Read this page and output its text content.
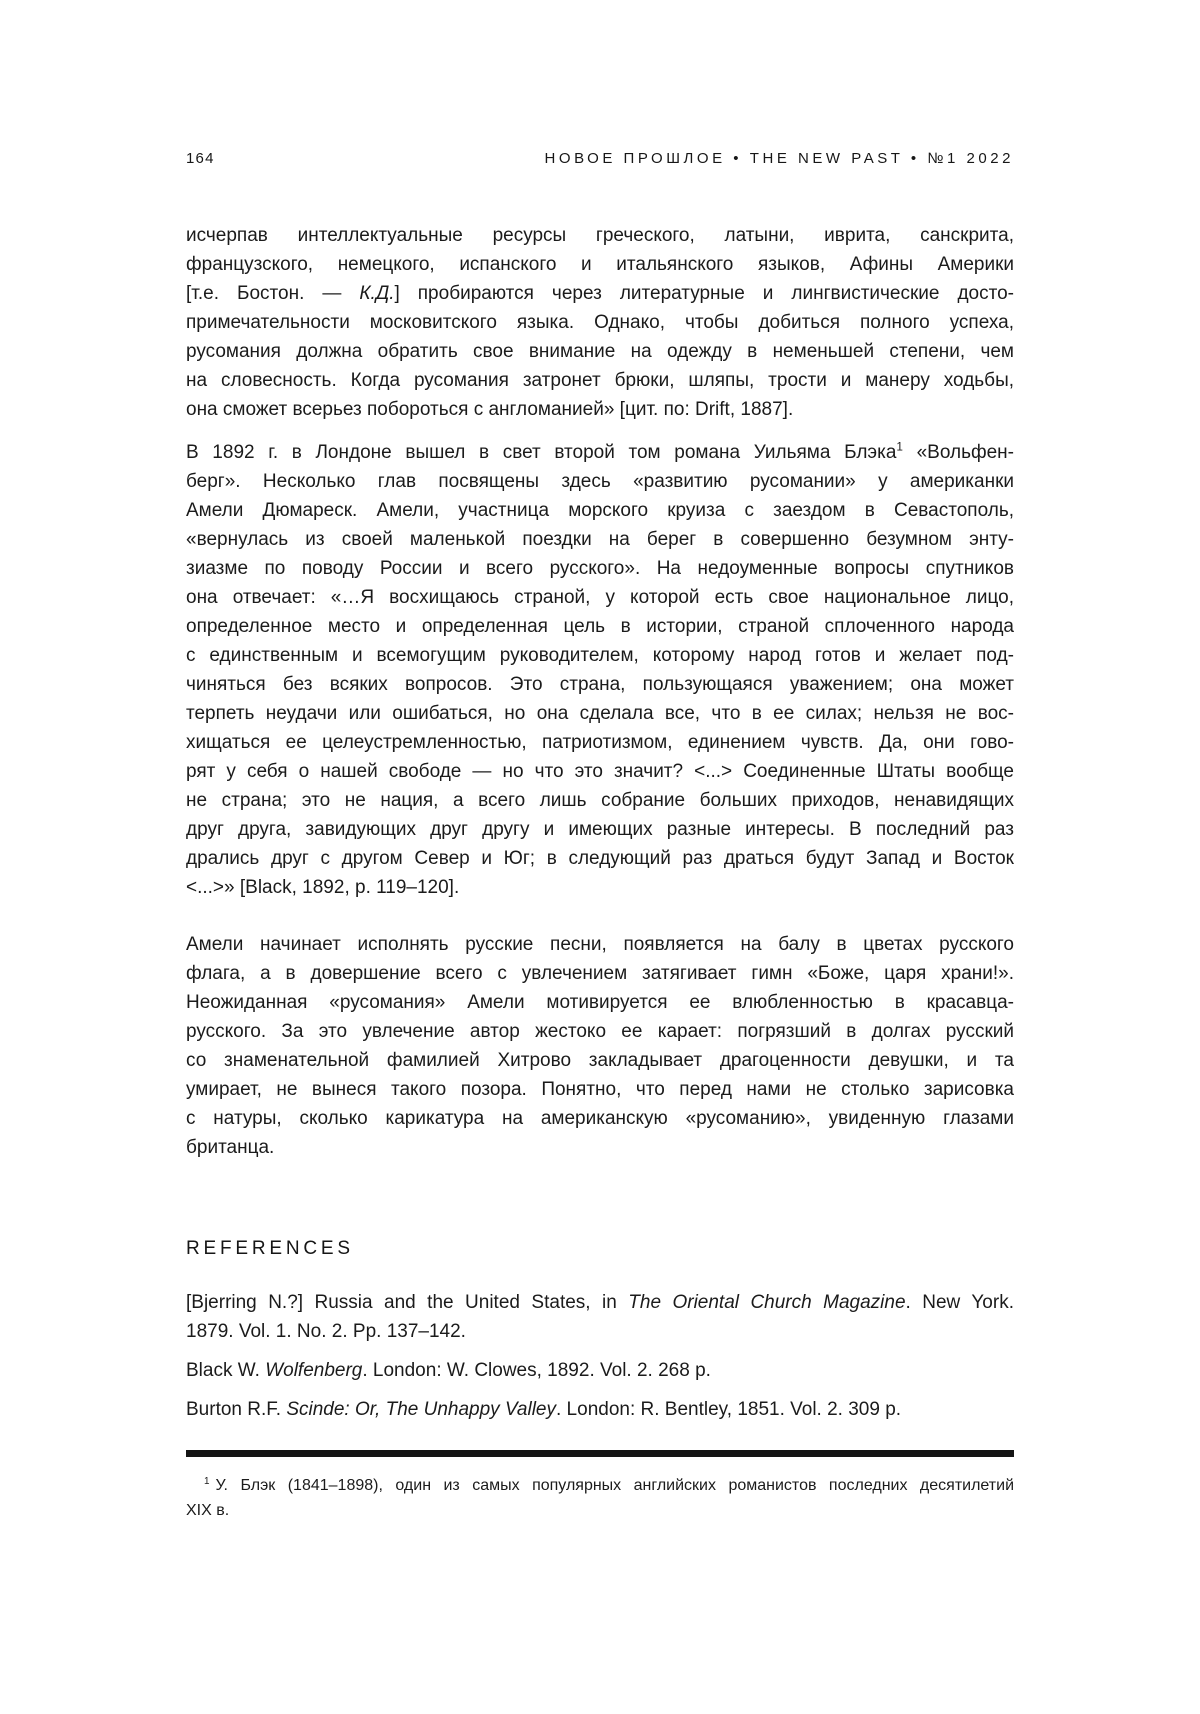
164	НОВОЕ ПРОШЛОЕ • THE NEW PAST • №1 2022
исчерпав интеллектуальные ресурсы греческого, латыни, иврита, санскрита,
французского, немецкого, испанского и итальянского языков, Афины Америки
[т.е. Бостон. — К.Д.] пробираются через литературные и лингвистические досто-
примечательности московитского языка. Однако, чтобы добиться полного успеха,
русомания должна обратить свое внимание на одежду в неменьшей степени, чем
на словесность. Когда русомания затронет брюки, шляпы, трости и манеру ходьбы,
она сможет всерьез побороться с англоманией» [цит. по: Drift, 1887].
В 1892 г. в Лондоне вышел в свет второй том романа Уильяма Блэка$^1$ «Вольфен-
берг». Несколько глав посвящены здесь «развитию русомании» у американки
Амели Дюмареск. Амели, участница морского круиза с заездом в Севастополь,
«вернулась из своей маленькой поездки на берег в совершенно безумном энту-
зиазме по поводу России и всего русского». На недоуменные вопросы спутников
она отвечает: «…Я восхищаюсь страной, у которой есть свое национальное лицо,
определенное место и определенная цель в истории, страной сплоченного народа
с единственным и всемогущим руководителем, которому народ готов и желает под-
чиняться без всяких вопросов. Это страна, пользующаяся уважением; она может
терпеть неудачи или ошибаться, но она сделала все, что в ее силах; нельзя не вос-
хищаться ее целеустремленностью, патриотизмом, единением чувств. Да, они гово-
рят у себя о нашей свободе — но что это значит? <...> Соединенные Штаты вообще
не страна; это не нация, а всего лишь собрание больших приходов, ненавидящих
друг друга, завидующих друг другу и имеющих разные интересы. В последний раз
дрались друг с другом Север и Юг; в следующий раз драться будут Запад и Восток
<...>» [Black, 1892, p. 119–120].
Амели начинает исполнять русские песни, появляется на балу в цветах русского
флага, а в довершение всего с увлечением затягивает гимн «Боже, царя храни!».
Неожиданная «русомания» Амели мотивируется ее влюбленностью в красавца-
русского. За это увлечение автор жестоко ее карает: погрязший в долгах русский
со знаменательной фамилией Хитрово закладывает драгоценности девушки, и та
умирает, не вынеся такого позора. Понятно, что перед нами не столько зарисовка
с натуры, сколько карикатура на американскую «русоманию», увиденную глазами
британца.
REFERENCES
[Bjerring N.?] Russia and the United States, in The Oriental Church Magazine. New York.
1879. Vol. 1. No. 2. Pp. 137–142.
Black W. Wolfenberg. London: W. Clowes, 1892. Vol. 2. 268 p.
Burton R.F. Scinde: Or, The Unhappy Valley. London: R. Bentley, 1851. Vol. 2. 309 p.
$^1$ У. Блэк (1841–1898), один из самых популярных английских романистов последних десятилетий
XIX в.
